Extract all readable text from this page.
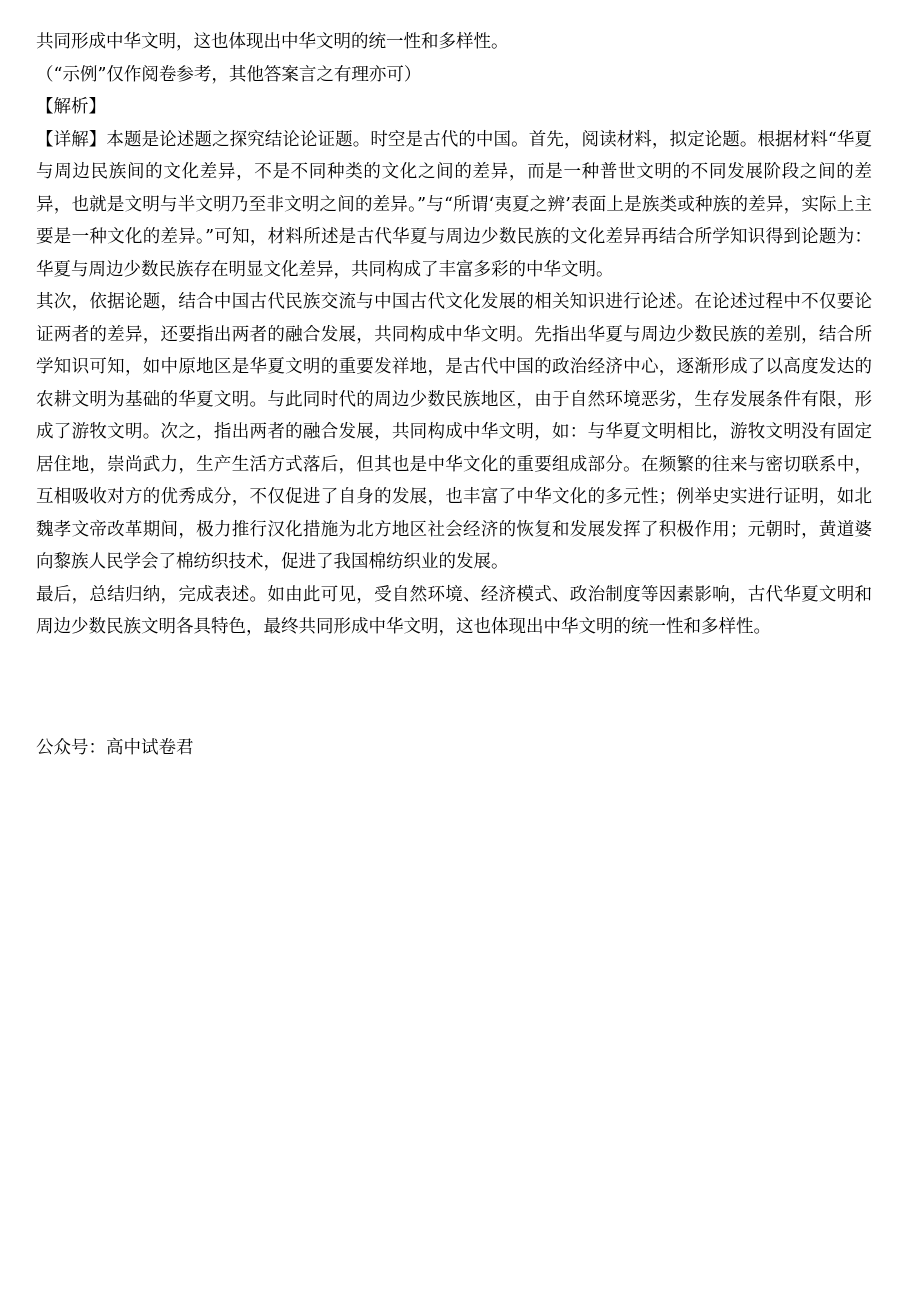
共同形成中华文明，这也体现出中华文明的统一性和多样性。

（“示例”仅作阅卷参考，其他答案言之有理亦可）

【解析】

【详解】本题是论述题之探究结论论证题。时空是古代的中国。首先，阅读材料，拟定论题。根据材料“华夏与周边民族间的文化差异，不是不同种类的文化之间的差异，而是一种普世文明的不同发展阶段之间的差异，也就是文明与半文明乃至非文明之间的差异。”与“所谓‘夷夏之辨’表面上是族类或种族的差异，实际上主要是一种文化的差异。”可知，材料所述是古代华夏与周边少数民族的文化差异再结合所学知识得到论题为：华夏与周边少数民族存在明显文化差异，共同构成了丰富多彩的中华文明。

其次，依据论题，结合中国古代民族交流与中国古代文化发展的相关知识进行论述。在论述过程中不仅要论证两者的差异，还要指出两者的融合发展，共同构成中华文明。先指出华夏与周边少数民族的差别，结合所学知识可知，如中原地区是华夏文明的重要发祥地，是古代中国的政治经济中心，逐渐形成了以高度发达的农耕文明为基础的华夏文明。与此同时代的周边少数民族地区，由于自然环境恶劣，生存发展条件有限，形成了游牧文明。次之，指出两者的融合发展，共同构成中华文明，如：与华夏文明相比，游牧文明没有固定居住地，崇尚武力，生产生活方式落后，但其也是中华文化的重要组成部分。在频繁的往来与密切联系中，互相吸收对方的优秀成分，不仅促进了自身的发展，也丰富了中华文化的多元性；例举史实进行证明，如北魏孝文帝改革期间，极力推行汉化措施为北方地区社会经济的恢复和发展发挥了积极作用；元朝时，黄道婆向黎族人民学会了棉纺织技术，促进了我国棉纺织业的发展。

最后，总结归纳，完成表述。如由此可见，受自然环境、经济模式、政治制度等因素影响，古代华夏文明和周边少数民族文明各具特色，最终共同形成中华文明，这也体现出中华文明的统一性和多样性。

公众号：高中试卷君
